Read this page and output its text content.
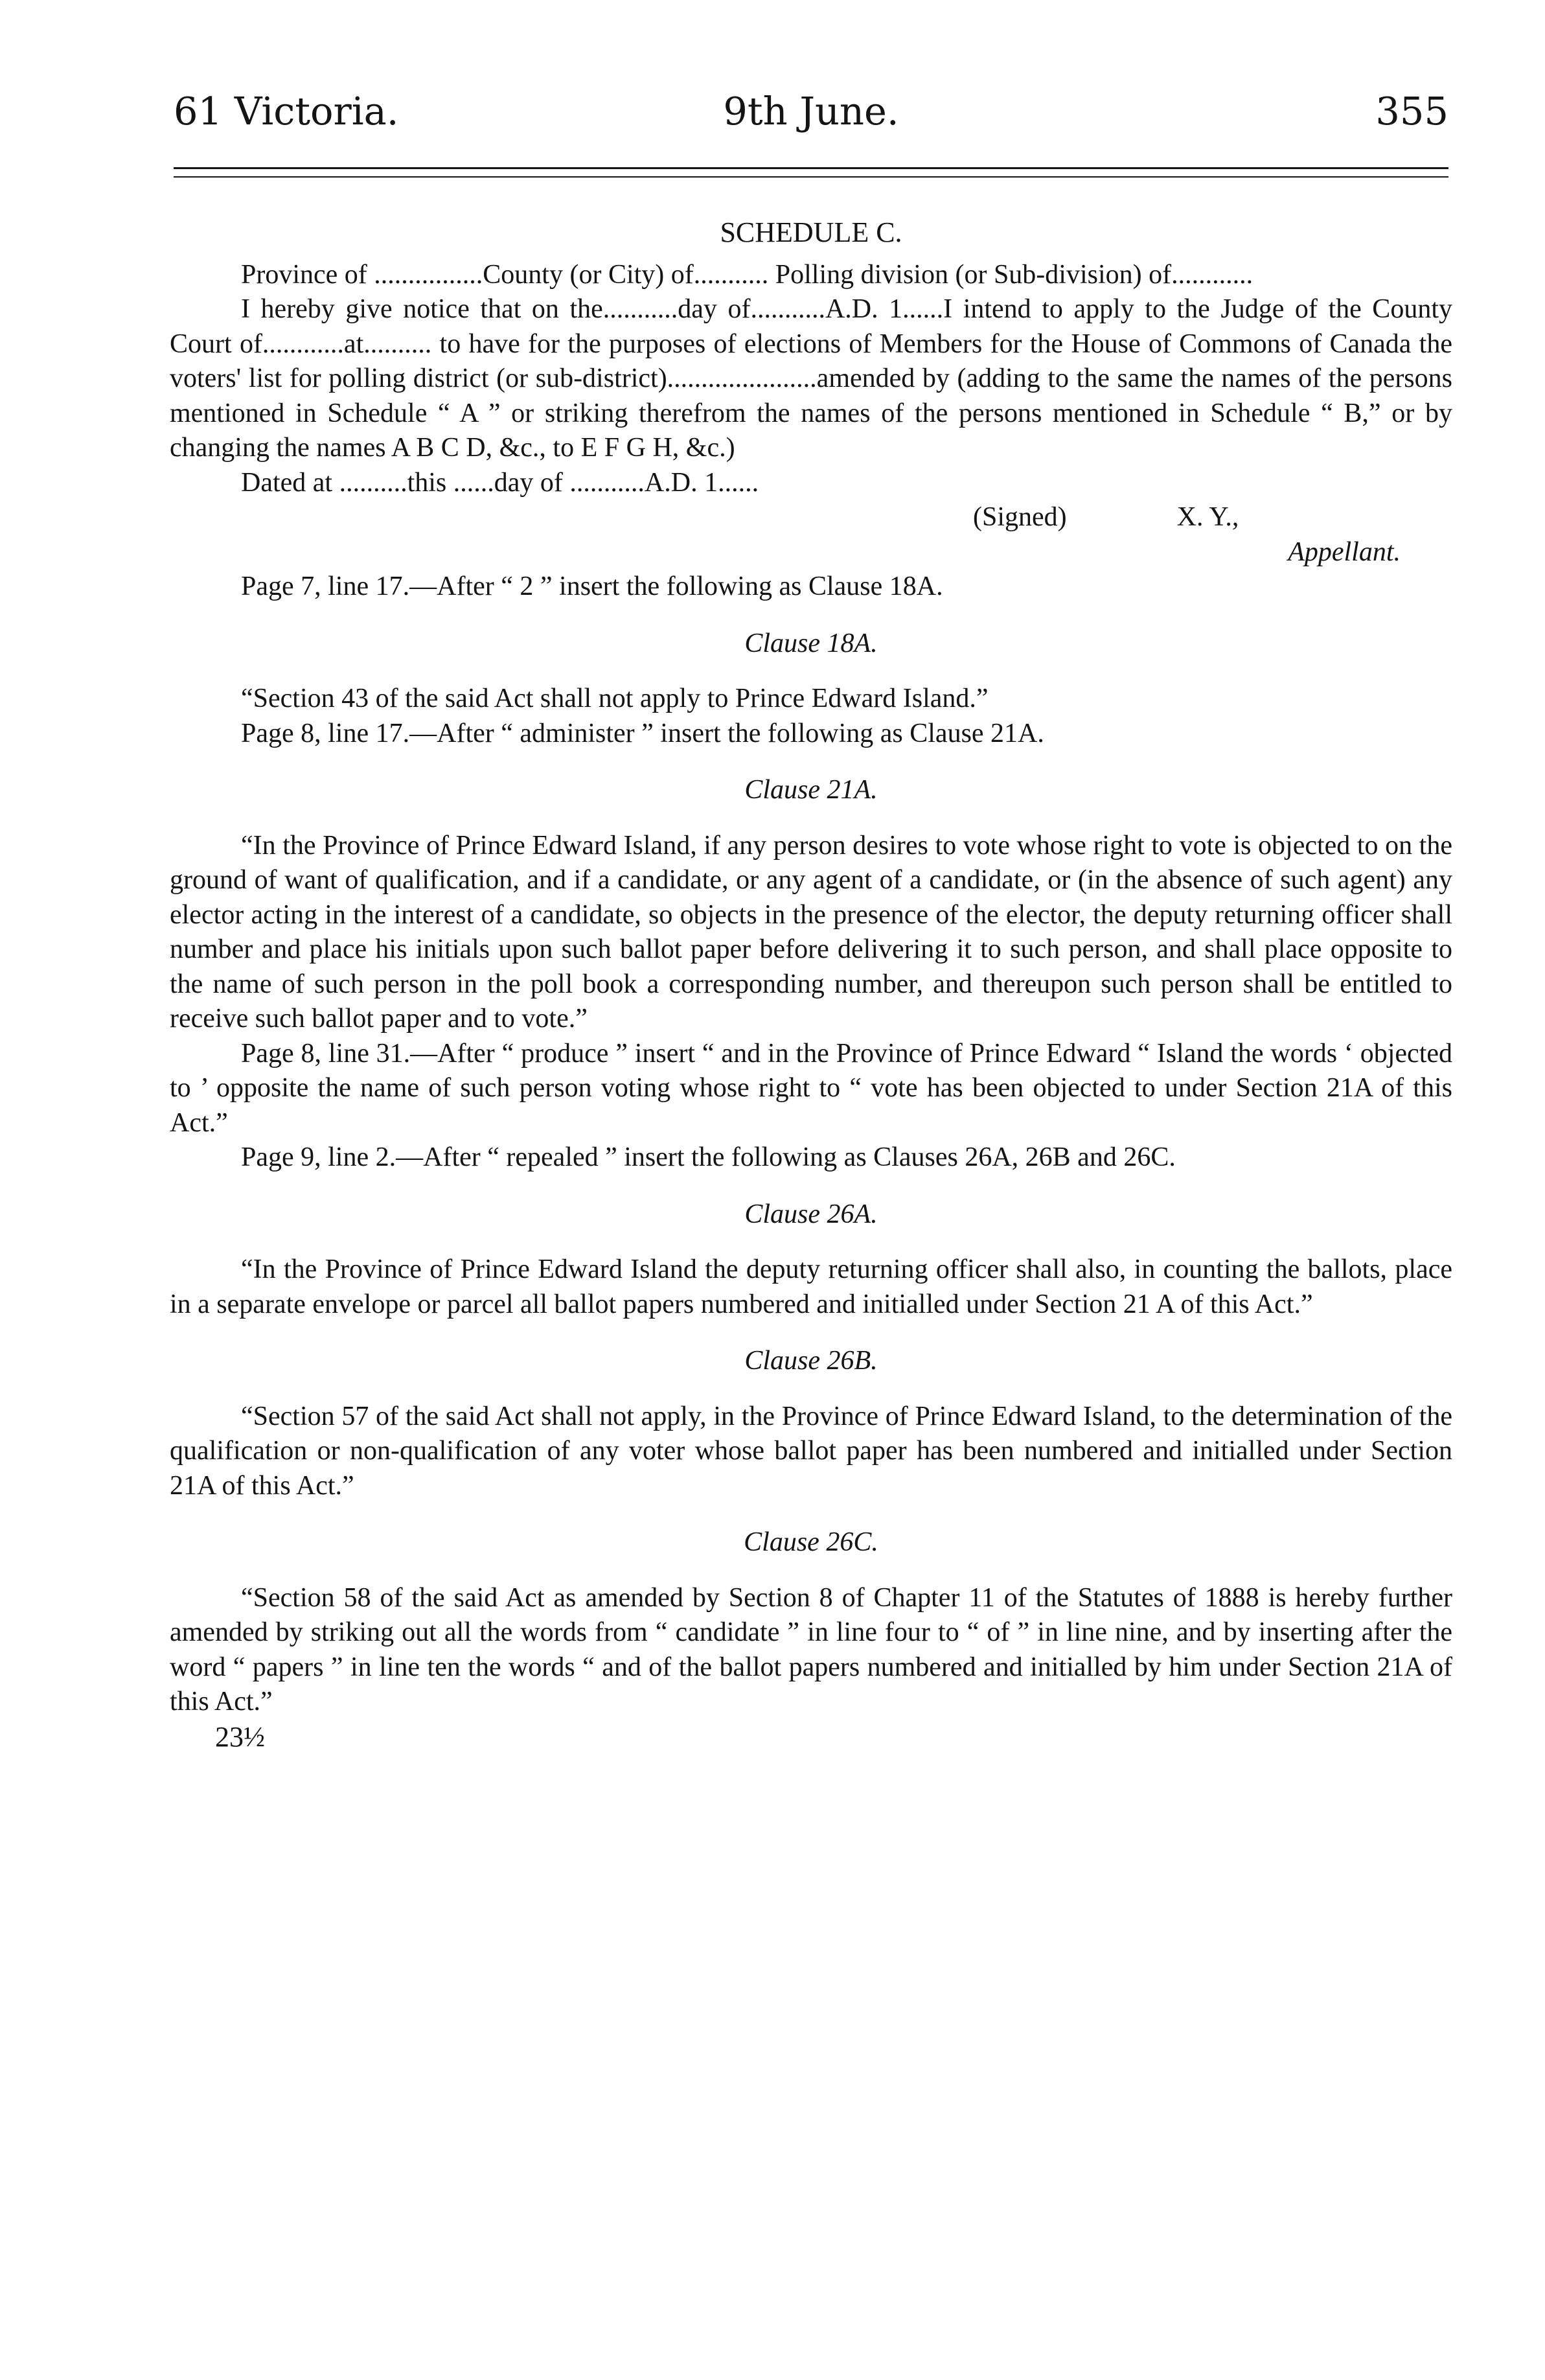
61 Victoria.	9th June.	355

SCHEDULE C.

Province of ................County (or City) of........... Polling division (or Sub-division) of............

I hereby give notice that on the...........day of...........A.D. 1......I intend to apply to the Judge of the County Court of............at.......... to have for the purposes of elections of Members for the House of Commons of Canada the voters' list for polling district (or sub-district)......................amended by (adding to the same the names of the persons mentioned in Schedule “ A ” or striking therefrom the names of the persons mentioned in Schedule “ B,” or by changing the names A B C D, &c., to E F G H, &c.)

Dated at ..........this ......day of ...........A.D. 1......

(Signed)	X. Y.,

Appellant.

Page 7, line 17.—After “ 2 ” insert the following as Clause 18A.

Clause 18A.

“Section 43 of the said Act shall not apply to Prince Edward Island.”

Page 8, line 17.—After “ administer ” insert the following as Clause 21A.

Clause 21A.

“In the Province of Prince Edward Island, if any person desires to vote whose right to vote is objected to on the ground of want of qualification, and if a candidate, or any agent of a candidate, or (in the absence of such agent) any elector acting in the interest of a candidate, so objects in the presence of the elector, the deputy returning officer shall number and place his initials upon such ballot paper before delivering it to such person, and shall place opposite to the name of such person in the poll book a corresponding number, and thereupon such person shall be entitled to receive such ballot paper and to vote.”

Page 8, line 31.—After “ produce ” insert “ and in the Province of Prince Edward “ Island the words ‘ objected to ’ opposite the name of such person voting whose right to “ vote has been objected to under Section 21A of this Act.”

Page 9, line 2.—After “ repealed ” insert the following as Clauses 26A, 26B and 26C.

Clause 26A.

“In the Province of Prince Edward Island the deputy returning officer shall also, in counting the ballots, place in a separate envelope or parcel all ballot papers numbered and initialled under Section 21 A of this Act.”

Clause 26B.

“Section 57 of the said Act shall not apply, in the Province of Prince Edward Island, to the determination of the qualification or non-qualification of any voter whose ballot paper has been numbered and initialled under Section 21A of this Act.”

Clause 26C.

“Section 58 of the said Act as amended by Section 8 of Chapter 11 of the Statutes of 1888 is hereby further amended by striking out all the words from “ candidate ” in line four to “ of ” in line nine, and by inserting after the word “ papers ” in line ten the words “ and of the ballot papers numbered and initialled by him under Section 21A of this Act.”

23½
